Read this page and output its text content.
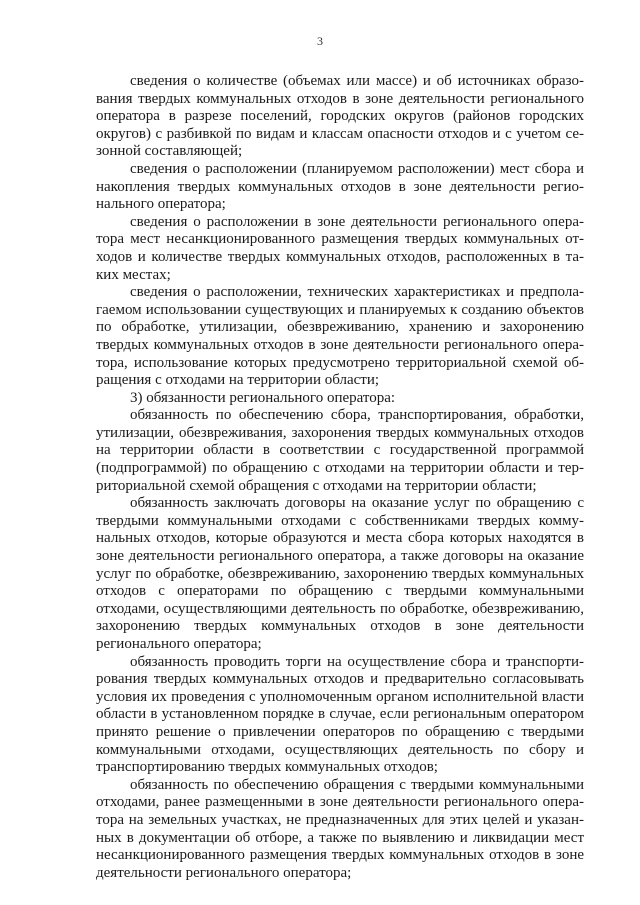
3

сведения о количестве (объемах или массе) и об источниках образования твердых коммунальных отходов в зоне деятельности регионального оператора в разрезе поселений, городских округов (районов городских округов) с разбивкой по видам и классам опасности отходов и с учетом сезонной составляющей;

сведения о расположении (планируемом расположении) мест сбора и накопления твердых коммунальных отходов в зоне деятельности регионального оператора;

сведения о расположении в зоне деятельности регионального оператора мест несанкционированного размещения твердых коммунальных отходов и количестве твердых коммунальных отходов, расположенных в таких местах;

сведения о расположении, технических характеристиках и предполагаемом использовании существующих и планируемых к созданию объектов по обработке, утилизации, обезвреживанию, хранению и захоронению твердых коммунальных отходов в зоне деятельности регионального оператора, использование которых предусмотрено территориальной схемой обращения с отходами на территории области;

3) обязанности регионального оператора:

обязанность по обеспечению сбора, транспортирования, обработки, утилизации, обезвреживания, захоронения твердых коммунальных отходов на территории области в соответствии с государственной программой (подпрограммой) по обращению с отходами на территории области и территориальной схемой обращения с отходами на территории области;

обязанность заключать договоры на оказание услуг по обращению с твердыми коммунальными отходами с собственниками твердых коммунальных отходов, которые образуются и места сбора которых находятся в зоне деятельности регионального оператора, а также договоры на оказание услуг по обработке, обезвреживанию, захоронению твердых коммунальных отходов с операторами по обращению с твердыми коммунальными отходами, осуществляющими деятельность по обработке, обезвреживанию, захоронению твердых коммунальных отходов в зоне деятельности регионального оператора;

обязанность проводить торги на осуществление сбора и транспортирования твердых коммунальных отходов и предварительно согласовывать условия их проведения с уполномоченным органом исполнительной власти области в установленном порядке в случае, если региональным оператором принято решение о привлечении операторов по обращению с твердыми коммунальными отходами, осуществляющих деятельность по сбору и транспортированию твердых коммунальных отходов;

обязанность по обеспечению обращения с твердыми коммунальными отходами, ранее размещенными в зоне деятельности регионального оператора на земельных участках, не предназначенных для этих целей и указанных в документации об отборе, а также по выявлению и ликвидации мест несанкционированного размещения твердых коммунальных отходов в зоне деятельности регионального оператора;
